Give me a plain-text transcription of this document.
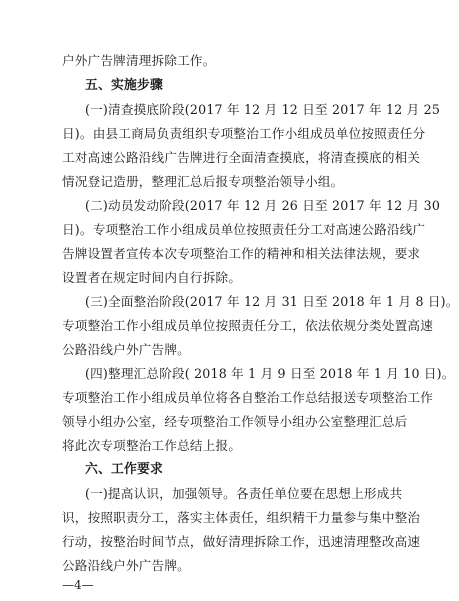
户外广告牌清理拆除工作。
五、实施步骤
(一)清查摸底阶段(2017 年 12 月 12 日至 2017 年 12 月 25
日)。由县工商局负责组织专项整治工作小组成员单位按照责任分
工对高速公路沿线广告牌进行全面清查摸底，将清查摸底的相关
情况登记造册，整理汇总后报专项整治领导小组。
(二)动员发动阶段(2017 年 12 月 26 日至 2017 年 12 月 30
日)。专项整治工作小组成员单位按照责任分工对高速公路沿线广
告牌设置者宣传本次专项整治工作的精神和相关法律法规，要求
设置者在规定时间内自行拆除。
(三)全面整治阶段(2017 年 12 月 31 日至 2018 年 1 月 8 日)。
专项整治工作小组成员单位按照责任分工，依法依规分类处置高速
公路沿线户外广告牌。
(四)整理汇总阶段( 2018 年 1 月 9 日至 2018 年 1 月 10 日)。
专项整治工作小组成员单位将各自整治工作总结报送专项整治工作
领导小组办公室，经专项整治工作领导小组办公室整理汇总后
将此次专项整治工作总结上报。
六、工作要求
(一)提高认识，加强领导。各责任单位要在思想上形成共
识，按照职责分工，落实主体责任，组织精干力量参与集中整治
行动，按整治时间节点，做好清理拆除工作，迅速清理整改高速
公路沿线户外广告牌。
—4—
